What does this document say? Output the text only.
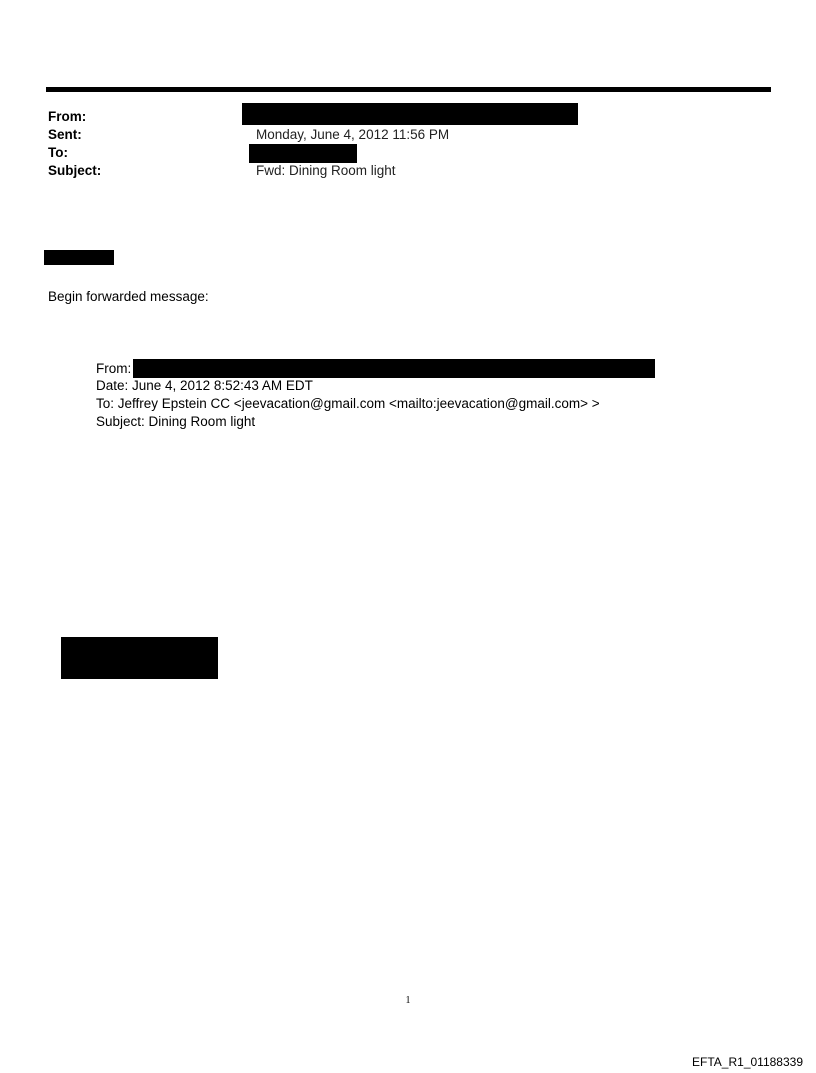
From:
Sent:	Monday, June 4, 2012 11:56 PM
To:
Subject:	Fwd: Dining Room light
Begin forwarded message:
From:
Date: June 4, 2012 8:52:43 AM EDT
To: Jeffrey Epstein CC <jeevacation@gmail.com <mailto:jeevacation@gmail.com> >
Subject: Dining Room light
1
EFTA_R1_01188339
